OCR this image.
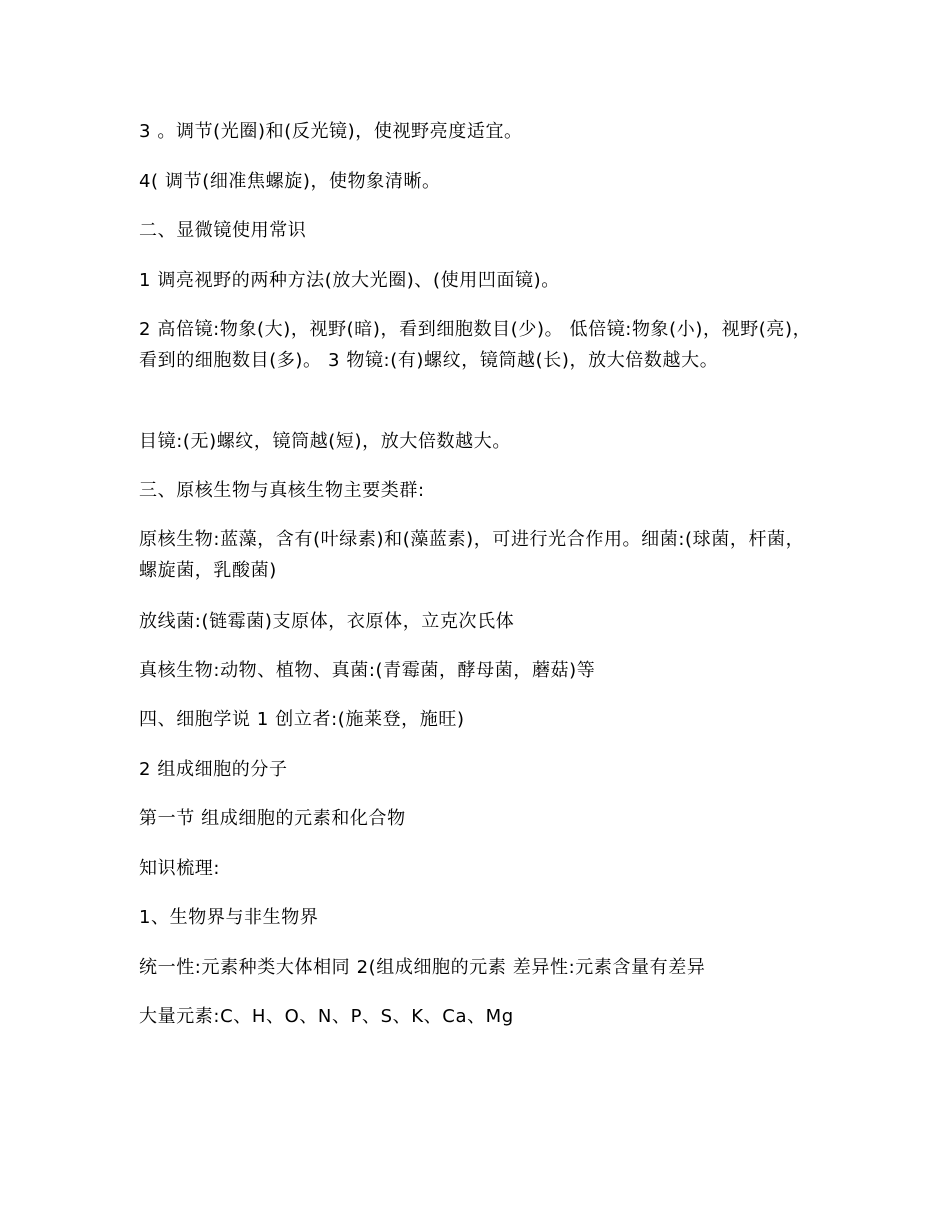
3 。调节(光圈)和(反光镜)，使视野亮度适宜。

4( 调节(细准焦螺旋)，使物象清晰。

二、显微镜使用常识

1 调亮视野的两种方法(放大光圈)、(使用凹面镜)。

2 高倍镜:物象(大)，视野(暗)，看到细胞数目(少)。 低倍镜:物象(小)，视野(亮)，看到的细胞数目(多)。 3 物镜:(有)螺纹，镜筒越(长)，放大倍数越大。

目镜:(无)螺纹，镜筒越(短)，放大倍数越大。

三、原核生物与真核生物主要类群:

原核生物:蓝藻，含有(叶绿素)和(藻蓝素)，可进行光合作用。细菌:(球菌，杆菌，螺旋菌，乳酸菌)

放线菌:(链霉菌)支原体，衣原体，立克次氏体

真核生物:动物、植物、真菌:(青霉菌，酵母菌，蘑菇)等

四、细胞学说 1 创立者:(施莱登，施旺)

2 组成细胞的分子

第一节 组成细胞的元素和化合物

知识梳理:

1、生物界与非生物界

统一性:元素种类大体相同 2(组成细胞的元素 差异性:元素含量有差异

大量元素:C、H、O、N、P、S、K、Ca、Mg
